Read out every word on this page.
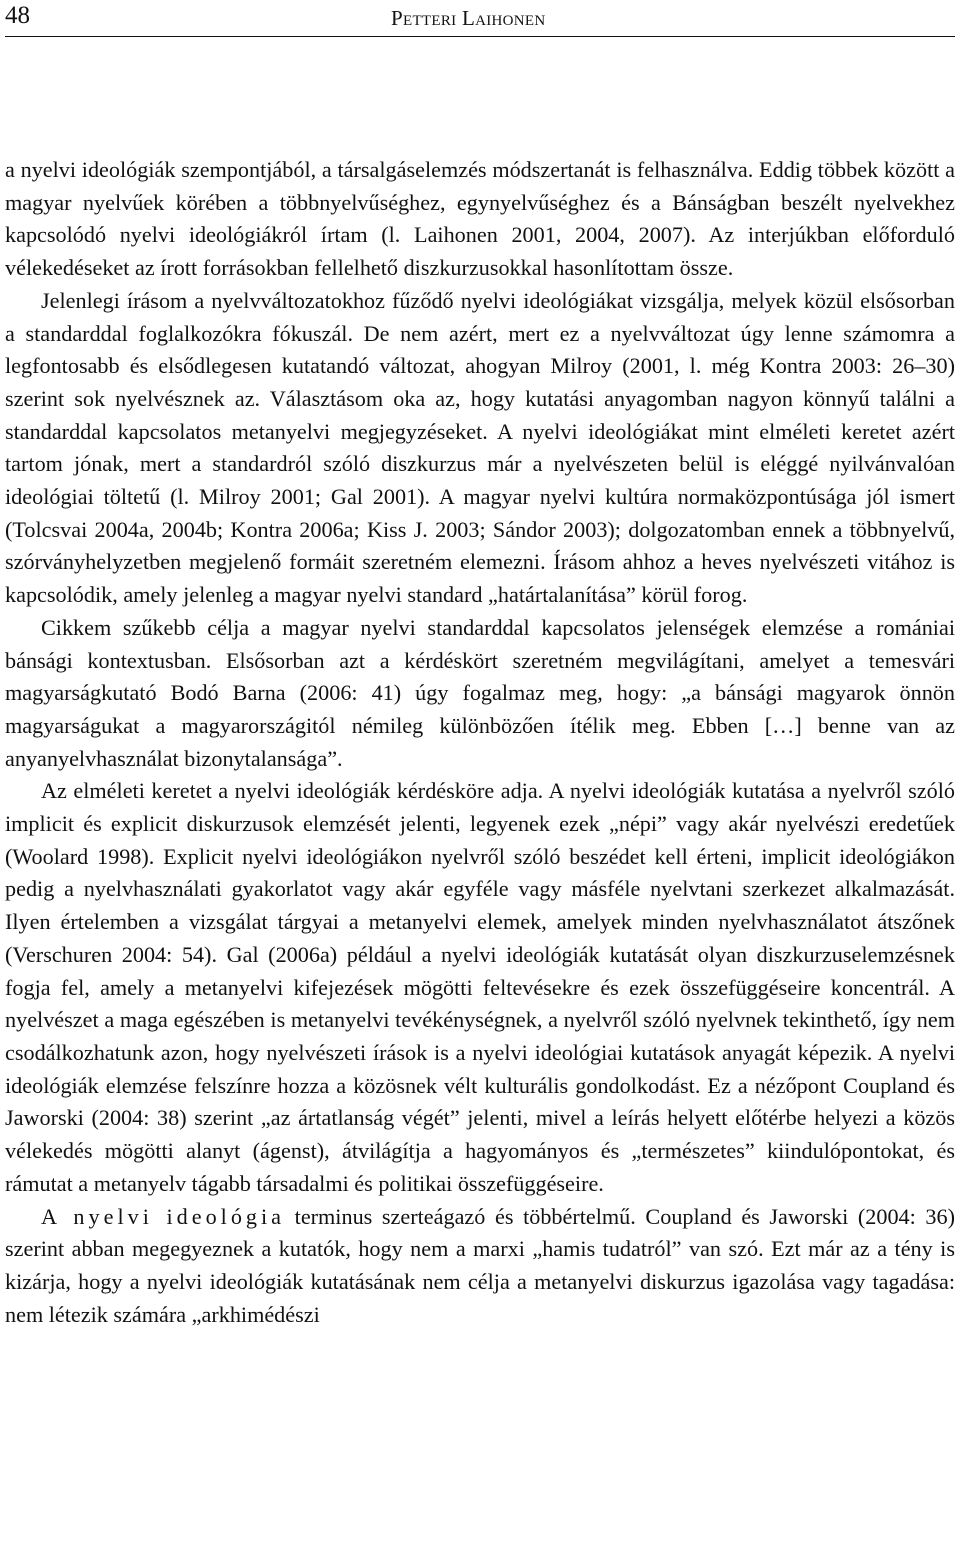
48	Petteri Laihonen

a nyelvi ideológiák szempontjából, a társalgáselemzés módszertanát is felhasználva. Eddig többek között a magyar nyelvűek körében a többnyelvűséghez, egynyelvűséghez és a Bánságban beszélt nyelvekhez kapcsolódó nyelvi ideológiákról írtam (l. Laihonen 2001, 2004, 2007). Az interjúkban előforduló vélekedéseket az írott forrásokban fellelhető diszkurzusokkal hasonlítottam össze.

Jelenlegi írásom a nyelvváltozatokhoz fűződő nyelvi ideológiákat vizsgálja, melyek közül elsősorban a standarddal foglalkozókra fókuszál. De nem azért, mert ez a nyelvváltozat úgy lenne számomra a legfontosabb és elsődlegesen kutatandó változat, ahogyan Milroy (2001, l. még Kontra 2003: 26–30) szerint sok nyelvésznek az. Választásom oka az, hogy kutatási anyagomban nagyon könnyű találni a standarddal kapcsolatos metanyelvi megjegyzéseket. A nyelvi ideológiákat mint elméleti keretet azért tartom jónak, mert a standardról szóló diszkurzus már a nyelvészeten belül is eléggé nyilvánvalóan ideológiai töltetű (l. Milroy 2001; Gal 2001). A magyar nyelvi kultúra normaközpontúsága jól ismert (Tolcsvai 2004a, 2004b; Kontra 2006a; Kiss J. 2003; Sándor 2003); dolgozatomban ennek a többnyelvű, szórványhelyzetben megjelenő formáit szeretném elemezni. Írásom ahhoz a heves nyelvészeti vitához is kapcsolódik, amely jelenleg a magyar nyelvi standard „határtalanítása” körül forog.

Cikkem szűkebb célja a magyar nyelvi standarddal kapcsolatos jelenségek elemzése a romániai bánsági kontextusban. Elsősorban azt a kérdéskört szeretném megvilágítani, amelyet a temesvári magyarságkutató Bodó Barna (2006: 41) úgy fogalmaz meg, hogy: „a bánsági magyarok önnön magyarságukat a magyarországitól némileg különbözően ítélik meg. Ebben […] benne van az anyanyelvhasználat bizonytalansága”.

Az elméleti keretet a nyelvi ideológiák kérdésköre adja. A nyelvi ideológiák kutatása a nyelvről szóló implicit és explicit diskurzusok elemzését jelenti, legyenek ezek „népi” vagy akár nyelvészi eredetűek (Woolard 1998). Explicit nyelvi ideológiákon nyelvről szóló beszédet kell érteni, implicit ideológiákon pedig a nyelvhasználati gyakorlatot vagy akár egyféle vagy másféle nyelvtani szerkezet alkalmazását. Ilyen értelemben a vizsgálat tárgyai a metanyelvi elemek, amelyek minden nyelvhasználatot átszőnek (Verschuren 2004: 54). Gal (2006a) például a nyelvi ideológiák kutatását olyan diszkurzuselemzésnek fogja fel, amely a metanyelvi kifejezések mögötti feltevésekre és ezek összefüggéseire koncentrál. A nyelvészet a maga egészében is metanyelvi tevékénységnek, a nyelvről szóló nyelvnek tekinthető, így nem csodálkozhatunk azon, hogy nyelvészeti írások is a nyelvi ideológiai kutatások anyagát képezik. A nyelvi ideológiák elemzése felszínre hozza a közösnek vélt kulturális gondolkodást. Ez a nézőpont Coupland és Jaworski (2004: 38) szerint „az ártatlanság végét” jelenti, mivel a leírás helyett előtérbe helyezi a közös vélekedés mögötti alanyt (ágenst), átvilágítja a hagyományos és „természetes” kiindulópontokat, és rámutat a metanyelv tágabb társadalmi és politikai összefüggéseire.

A nyelvi ideológia terminus szerteágazó és többértelmű. Coupland és Jaworski (2004: 36) szerint abban megegyeznek a kutatók, hogy nem a marxi „hamis tudatról” van szó. Ezt már az a tény is kizárja, hogy a nyelvi ideológiák kutatásának nem célja a metanyelvi diskurzus igazolása vagy tagadása: nem létezik számára „arkhimédészi
